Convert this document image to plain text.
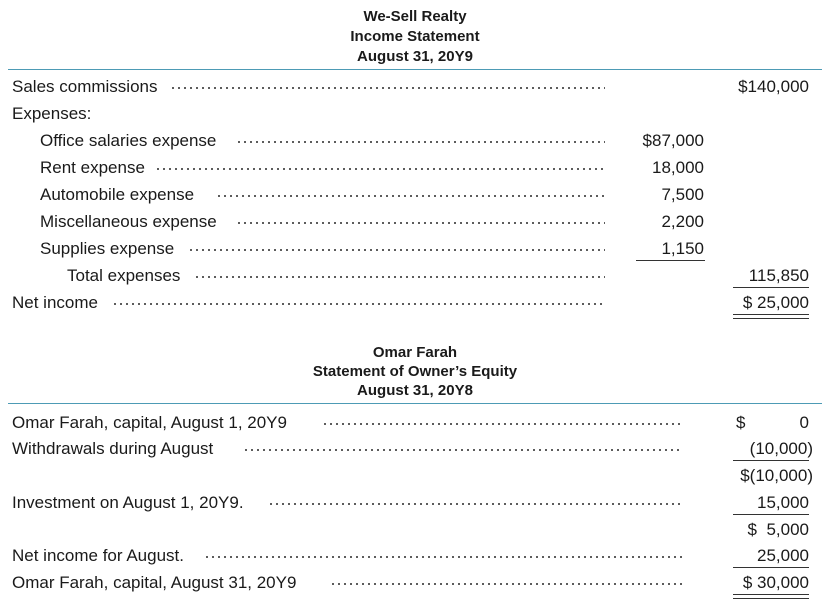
We-Sell Realty
Income Statement
August 31, 20Y9
Sales commissions	$140,000
Expenses:
Office salaries expense	$87,000
Rent expense	18,000
Automobile expense	7,500
Miscellaneous expense	2,200
Supplies expense	1,150
Total expenses	115,850
Net income	$ 25,000
Omar Farah
Statement of Owner’s Equity
August 31, 20Y8
Omar Farah, capital, August 1, 20Y9	$	0
Withdrawals during August	(10,000)
$(10,000)
Investment on August 1, 20Y9.	15,000
$  5,000
Net income for August.	25,000
Omar Farah, capital, August 31, 20Y9	$ 30,000
